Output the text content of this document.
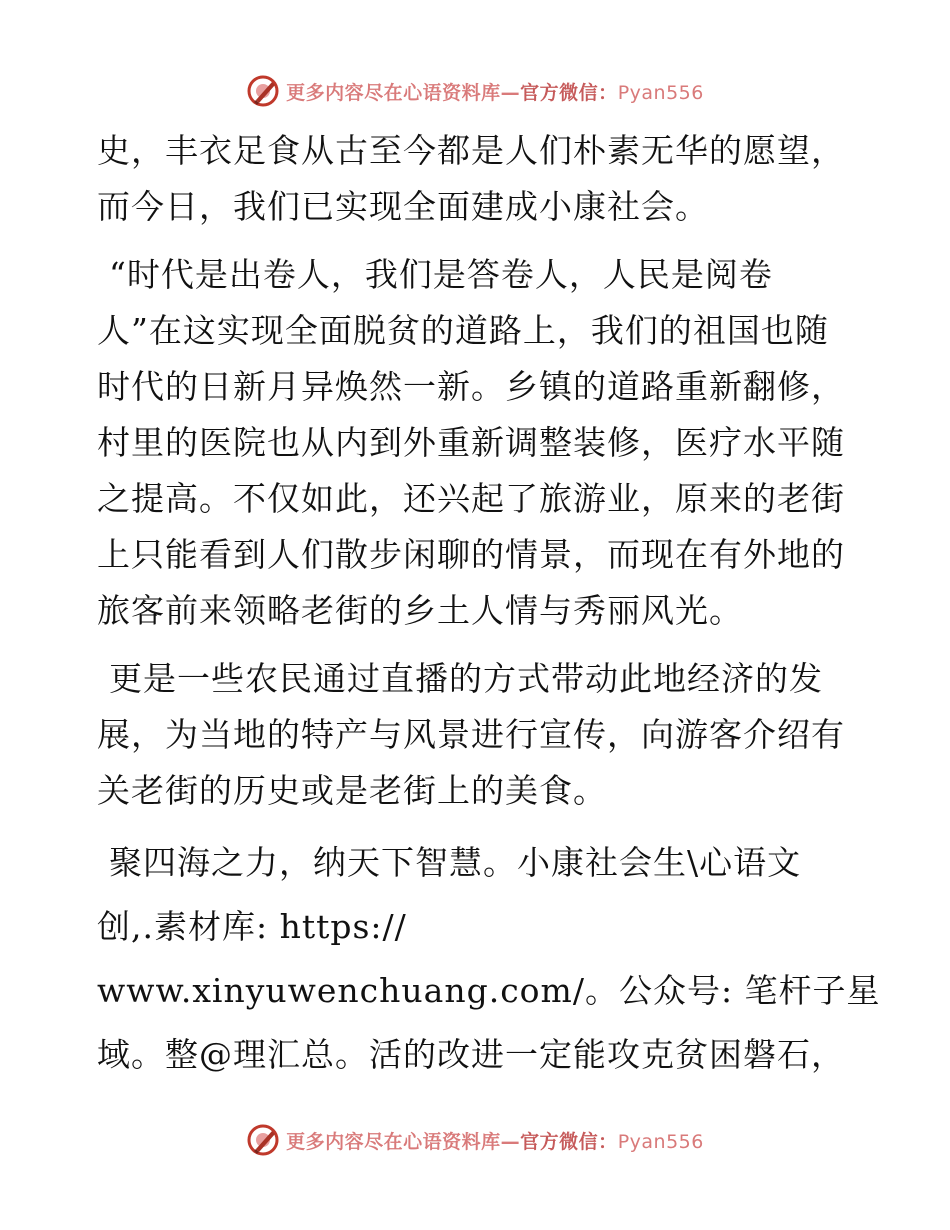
更多内容尽在心语资料库—官方微信：Pyan556
史，丰衣足食从古至今都是人们朴素无华的愿望，
而今日，我们已实现全面建成小康社会。
“时代是出卷人，我们是答卷人，人民是阅卷
人”在这实现全面脱贫的道路上，我们的祖国也随
时代的日新月异焕然一新。乡镇的道路重新翻修，
村里的医院也从内到外重新调整装修，医疗水平随
之提高。不仅如此，还兴起了旅游业，原来的老街
上只能看到人们散步闲聊的情景，而现在有外地的
旅客前来领略老街的乡土人情与秀丽风光。
更是一些农民通过直播的方式带动此地经济的发
展，为当地的特产与风景进行宣传，向游客介绍有
关老街的历史或是老街上的美食。
聚四海之力，纳天下智慧。小康社会生\心语文
创,.素材库: https://
www.xinyuwenchuang.com/。公众号: 笔杆子星
域。整@理汇总。活的改进一定能攻克贫困磐石，
更多内容尽在心语资料库—官方微信：Pyan556
